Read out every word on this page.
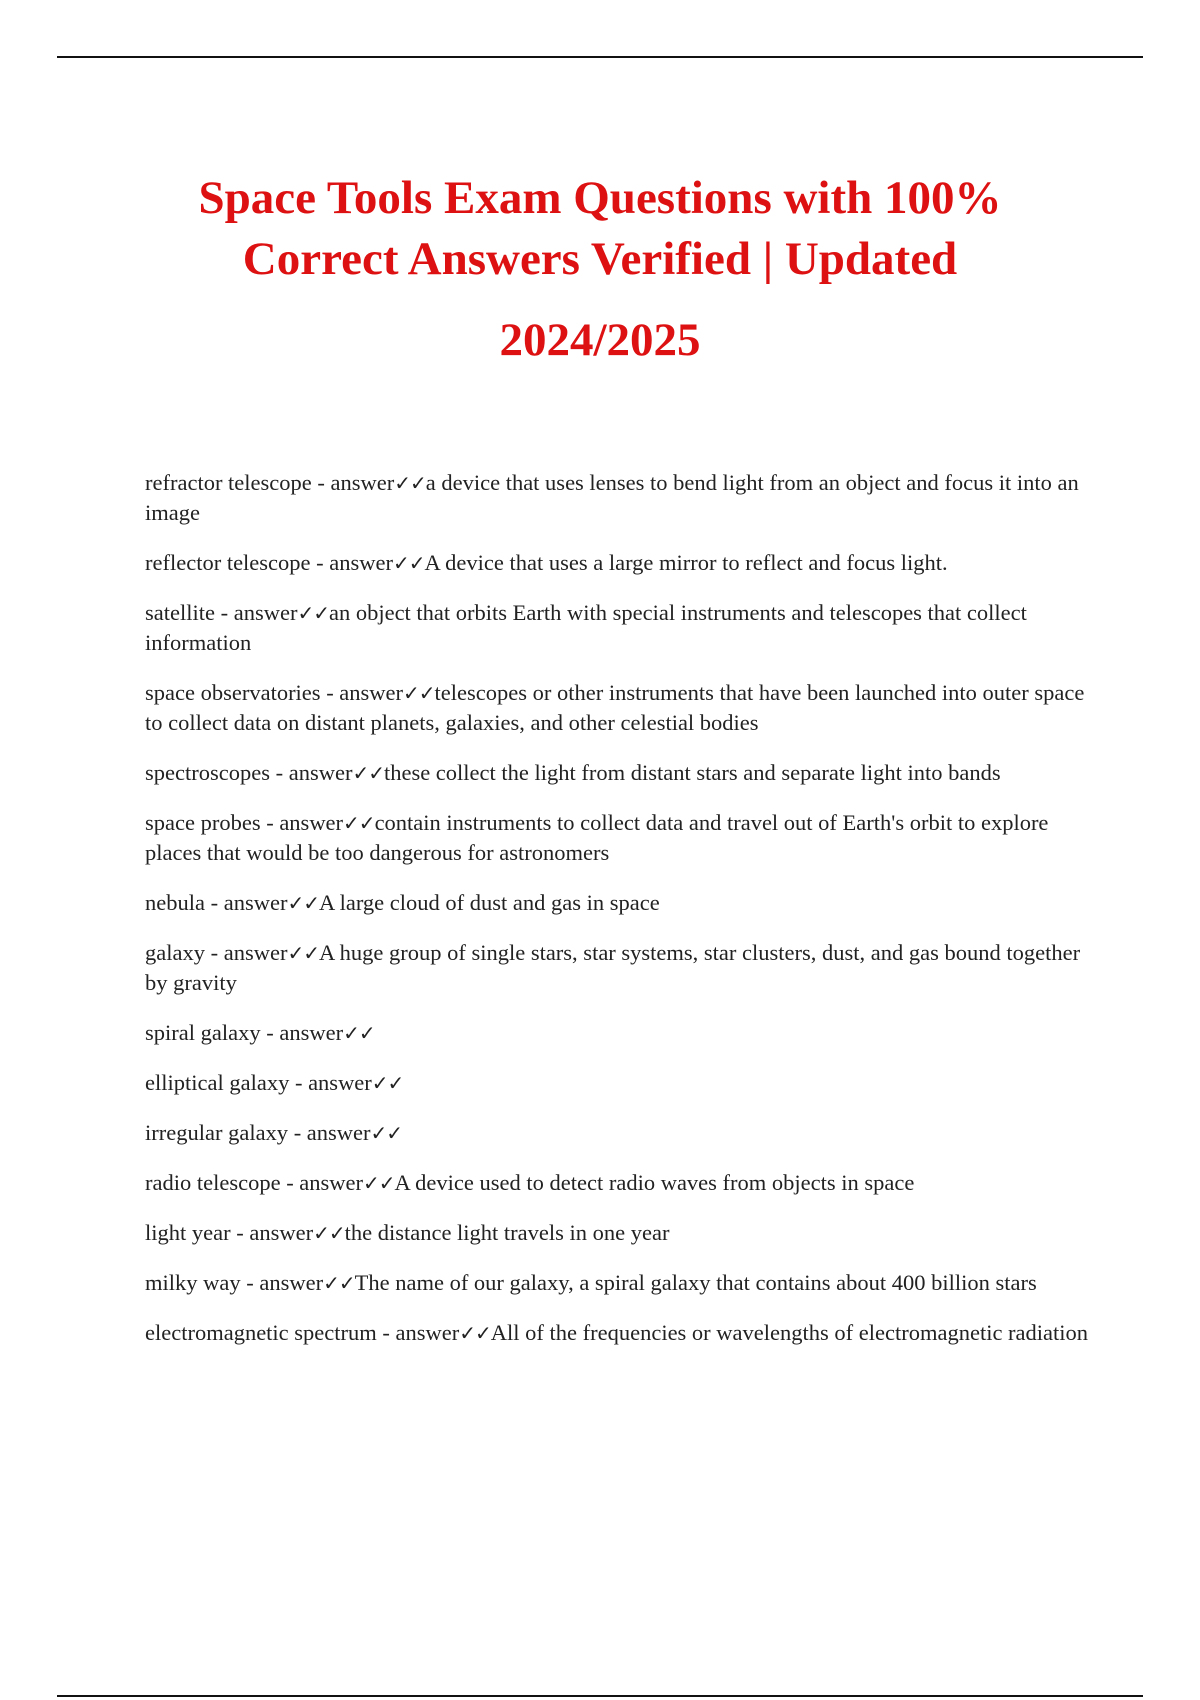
Space Tools Exam Questions with 100%
Correct Answers Verified | Updated
2024/2025
refractor telescope - answer✓✓a device that uses lenses to bend light from an object and focus it into an image
reflector telescope - answer✓✓A device that uses a large mirror to reflect and focus light.
satellite - answer✓✓an object that orbits Earth with special instruments and telescopes that collect information
space observatories - answer✓✓telescopes or other instruments that have been launched into outer space to collect data on distant planets, galaxies, and other celestial bodies
spectroscopes - answer✓✓these collect the light from distant stars and separate light into bands
space probes - answer✓✓contain instruments to collect data and travel out of Earth's orbit to explore places that would be too dangerous for astronomers
nebula - answer✓✓A large cloud of dust and gas in space
galaxy - answer✓✓A huge group of single stars, star systems, star clusters, dust, and gas bound together by gravity
spiral galaxy - answer✓✓
elliptical galaxy - answer✓✓
irregular galaxy - answer✓✓
radio telescope - answer✓✓A device used to detect radio waves from objects in space
light year - answer✓✓the distance light travels in one year
milky way - answer✓✓The name of our galaxy, a spiral galaxy that contains about 400 billion stars
electromagnetic spectrum - answer✓✓All of the frequencies or wavelengths of electromagnetic radiation
